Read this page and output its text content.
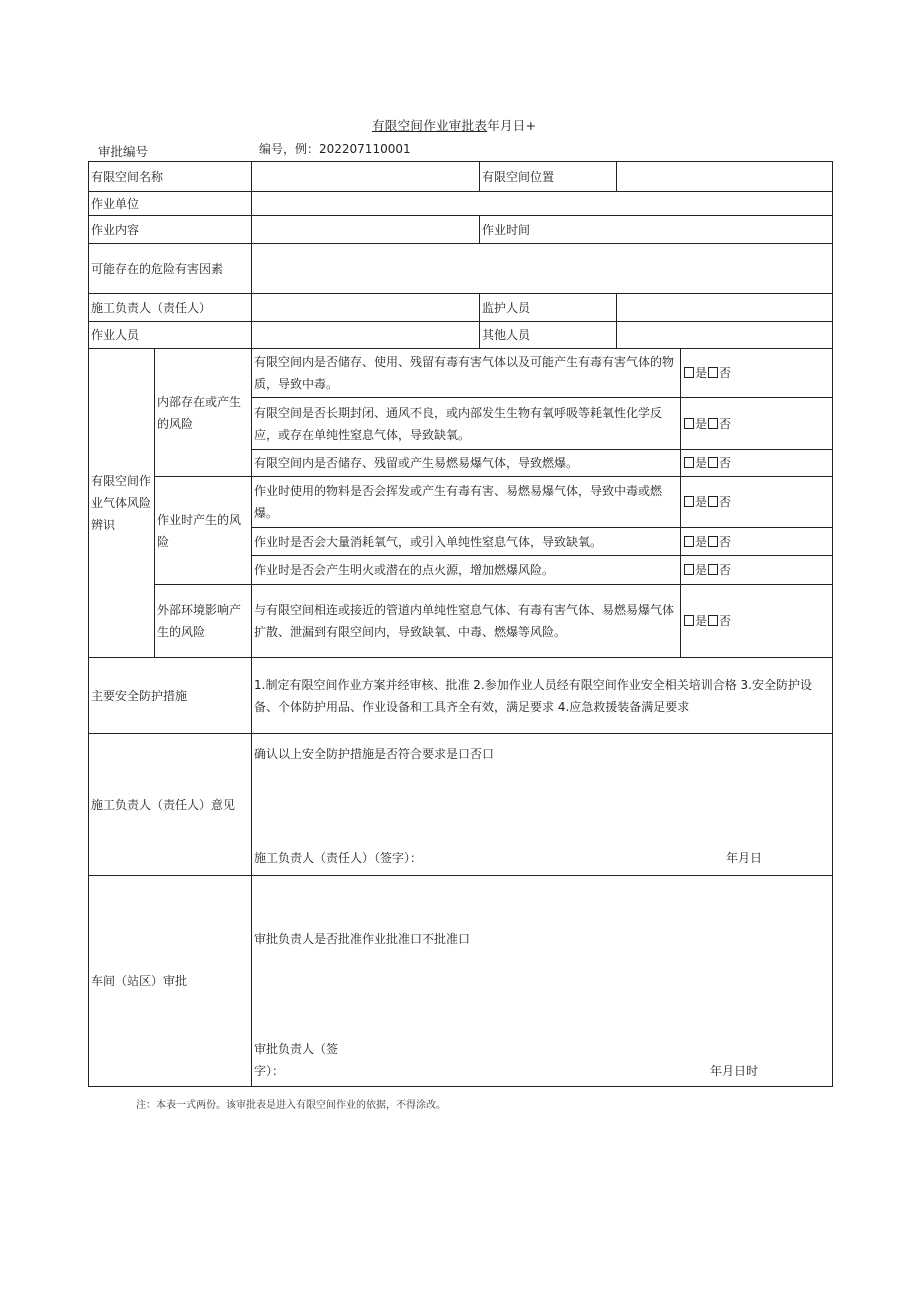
有限空间作业审批表年月日+
审批编号	编号，例：202207110001
有限空间名称			有限空间位置		
作业单位					
作业内容			作业时间		
可能存在的危险有害因素					
施工负责人（责任人）			监护人员		
作业人员			其他人员		
有限空间作业气体风险辨识	内部存在或产生的风险	有限空间内是否储存、使用、残留有毒有害气体以及可能产生有毒有害气体的物质，导致中毒。			是 否
		有限空间是否长期封闭、通风不良，或内部发生生物有氧呼吸等耗氧性化学反应，或存在单纯性窒息气体，导致缺氧。			是 否
		有限空间内是否储存、残留或产生易燃易爆气体，导致燃爆。			是 否
	作业时产生的风险	作业时使用的物料是否会挥发或产生有毒有害、易燃易爆气体，导致中毒或燃爆。			是 否
		作业时是否会大量消耗氧气，或引入单纯性窒息气体，导致缺氧。			是 否
		作业时是否会产生明火或潜在的点火源，增加燃爆风险。			是 否
	外部环境影响产生的风险	与有限空间相连或接近的管道内单纯性窒息气体、有毒有害气体、易燃易爆气体扩散、泄漏到有限空间内，导致缺氧、中毒、燃爆等风险。			是 否
主要安全防护措施		1.制定有限空间作业方案并经审核、批准 2.参加作业人员经有限空间作业安全相关培训合格 3.安全防护设备、个体防护用品、作业设备和工具齐全有效，满足要求 4.应急救援装备满足要求			
施工负责人（责任人）意见		确认以上安全防护措施是否符合要求是口否口
施工负责人（责任人）（签字）： 年月日			

车间（站区）审批		审批负责人是否批准作业批准口不批准口
审批负责人（签
字）： 年月日时			
注：本表一式两份。该审批表是进入有限空间作业的依据，不得涂改。
